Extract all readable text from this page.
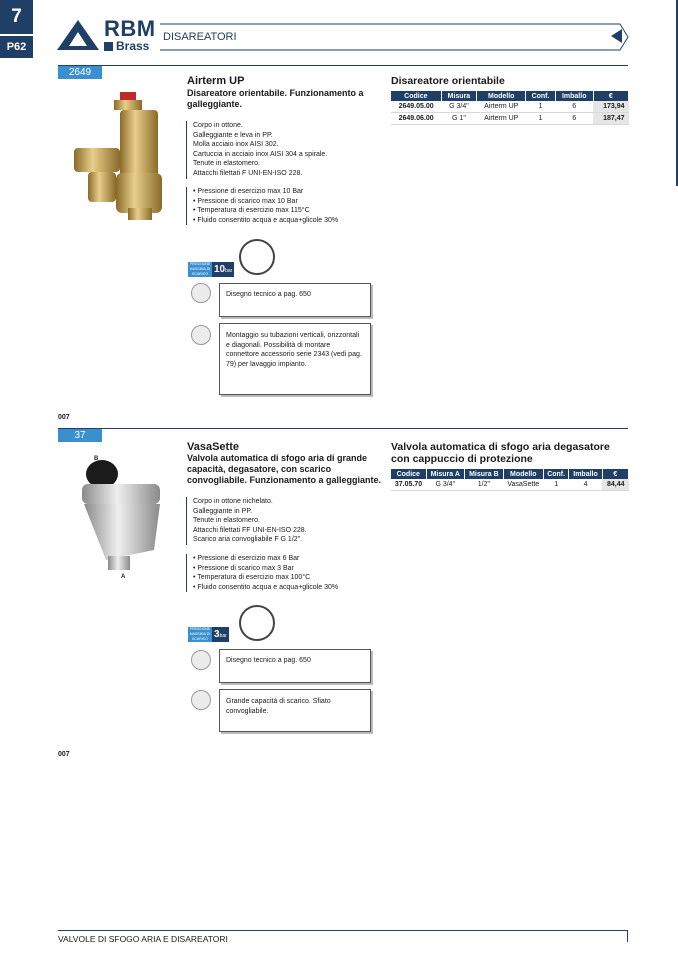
7
P62
RBM
Brass
DISAREATORI
2649
Airterm UP
Disareatore orientabile. Funzionamento a galleggiante.
Corpo in ottone.
Galleggiante e leva in PP.
Molla acciaio inox AISI 302.
Cartuccia in acciaio inox AISI 304 a spirale.
Tenute in elastomero.
Attacchi filettati F UNI-EN-ISO 228.
• Pressione di esercizio max 10 Bar
• Pressione di scarico max 10 Bar
• Temperatura di esercizio max 115°C
• Fluido consentito acqua e acqua+glicole 30%
PRESSIONE MASSIMA DI SCARICO 10bar
Disegno tecnico a pag. 650
Montaggio su tubazioni verticali, orizzontali e diagonali. Possibilità di montare connettore accessorio serie 2343 (vedi pag. 79) per lavaggio impianto.
007
Disareatore orientabile
Codice	Misura	Modello	Conf.	Imballo	€
2649.05.00	G 3/4"	Airterm UP	1	6	173,94
2649.06.00	G 1"	Airterm UP	1	6	187,47
37
B
A
VasaSette
Valvola automatica di sfogo aria di grande capacità, degasatore, con scarico convogliabile. Funzionamento a galleggiante.
Corpo in ottone nichelato.
Galleggiante in PP.
Tenute in elastomero.
Attacchi filettati FF UNI-EN-ISO 228.
Scarico aria convogliabile F G 1/2".
• Pressione di esercizio max 6 Bar
• Pressione di scarico max 3 Bar
• Temperatura di esercizio max 100°C
• Fluido consentito acqua e acqua+glicole 30%
PRESSIONE MASSIMA DI SCARICO 3bar
Disegno tecnico a pag. 650
Grande capacità di scarico. Sfiato convogliabile.
007
Valvola automatica di sfogo aria degasatore con cappuccio di protezione
Codice	Misura A	Misura B	Modello	Conf.	Imballo	€
37.05.70	G 3/4"	1/2"	VasaSette	1	4	84,44
VALVOLE DI SFOGO ARIA E DISAREATORI
